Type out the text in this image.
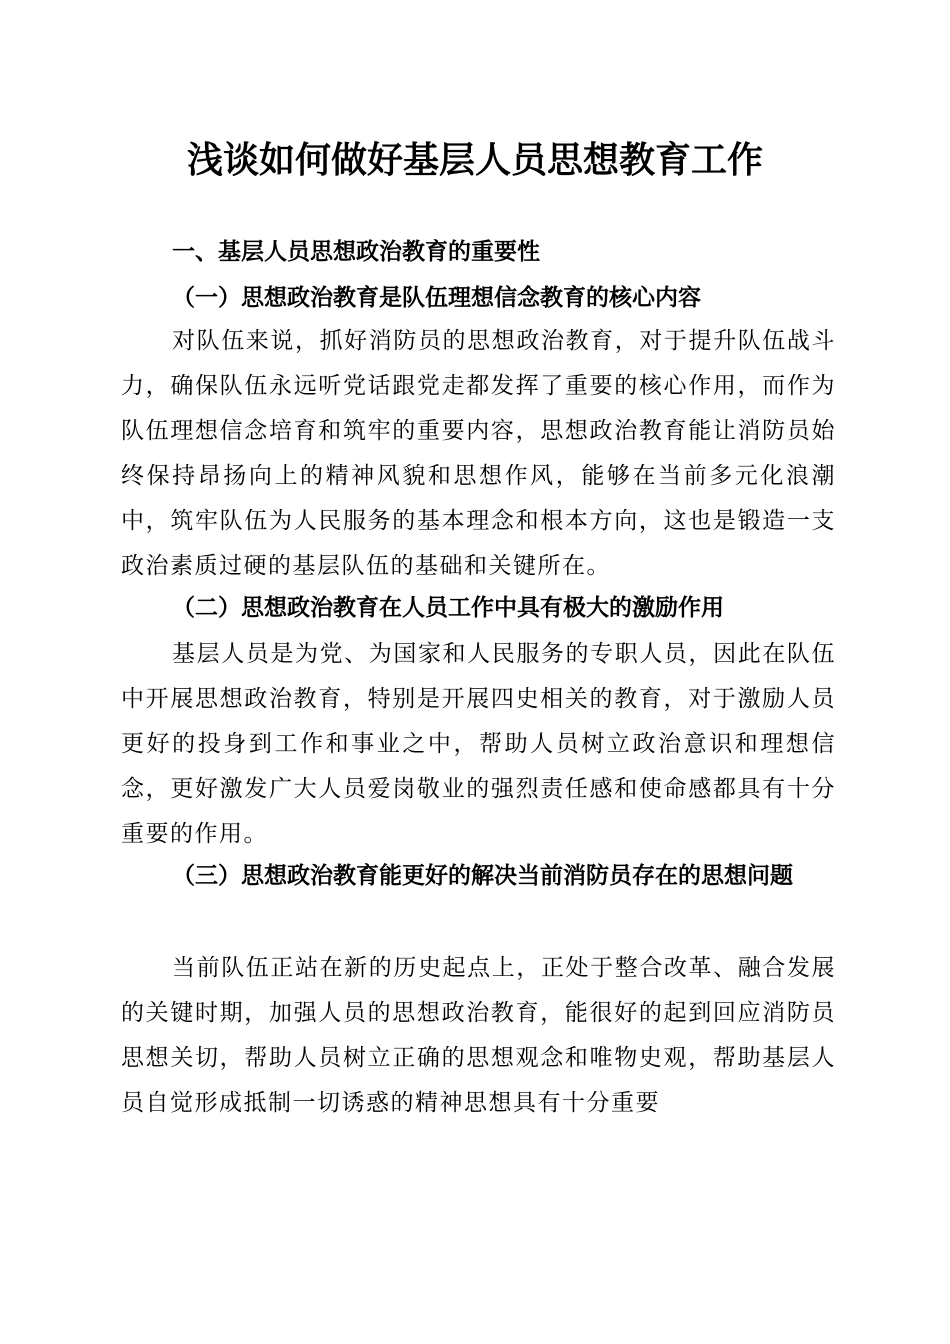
浅谈如何做好基层人员思想教育工作
一、基层人员思想政治教育的重要性
（一）思想政治教育是队伍理想信念教育的核心内容

对队伍来说，抓好消防员的思想政治教育，对于提升队伍战斗力，确保队伍永远听党话跟党走都发挥了重要的核心作用，而作为队伍理想信念培育和筑牢的重要内容，思想政治教育能让消防员始终保持昂扬向上的精神风貌和思想作风，能够在当前多元化浪潮中，筑牢队伍为人民服务的基本理念和根本方向，这也是锻造一支政治素质过硬的基层队伍的基础和关键所在。

（二）思想政治教育在人员工作中具有极大的激励作用

基层人员是为党、为国家和人民服务的专职人员，因此在队伍中开展思想政治教育，特别是开展四史相关的教育，对于激励人员更好的投身到工作和事业之中，帮助人员树立政治意识和理想信念，更好激发广大人员爱岗敬业的强烈责任感和使命感都具有十分重要的作用。

（三）思想政治教育能更好的解决当前消防员存在的思想问题

当前队伍正站在新的历史起点上，正处于整合改革、融合发展的关键时期，加强人员的思想政治教育，能很好的起到回应消防员思想关切，帮助人员树立正确的思想观念和唯物史观，帮助基层人员自觉形成抵制一切诱惑的精神思想具有十分重要
